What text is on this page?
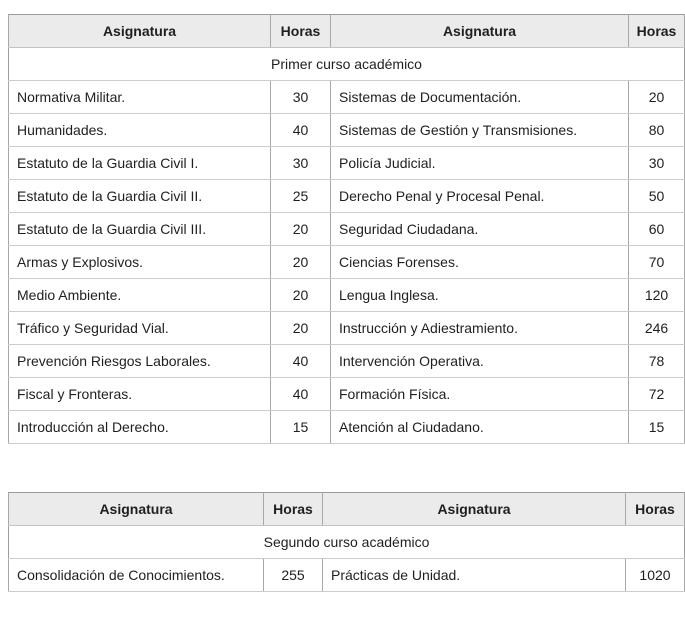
Asignatura	Horas	Asignatura	Horas
Primer curso académico			
Normativa Militar.	30	Sistemas de Documentación.	20
Humanidades.	40	Sistemas de Gestión y Transmisiones.	80
Estatuto de la Guardia Civil I.	30	Policía Judicial.	30
Estatuto de la Guardia Civil II.	25	Derecho Penal y Procesal Penal.	50
Estatuto de la Guardia Civil III.	20	Seguridad Ciudadana.	60
Armas y Explosivos.	20	Ciencias Forenses.	70
Medio Ambiente.	20	Lengua Inglesa.	120
Tráfico y Seguridad Vial.	20	Instrucción y Adiestramiento.	246
Prevención Riesgos Laborales.	40	Intervención Operativa.	78
Fiscal y Fronteras.	40	Formación Física.	72
Introducción al Derecho.	15	Atención al Ciudadano.	15
Asignatura	Horas	Asignatura	Horas
Segundo curso académico			
Consolidación de Conocimientos.	255	Prácticas de Unidad.	1020
